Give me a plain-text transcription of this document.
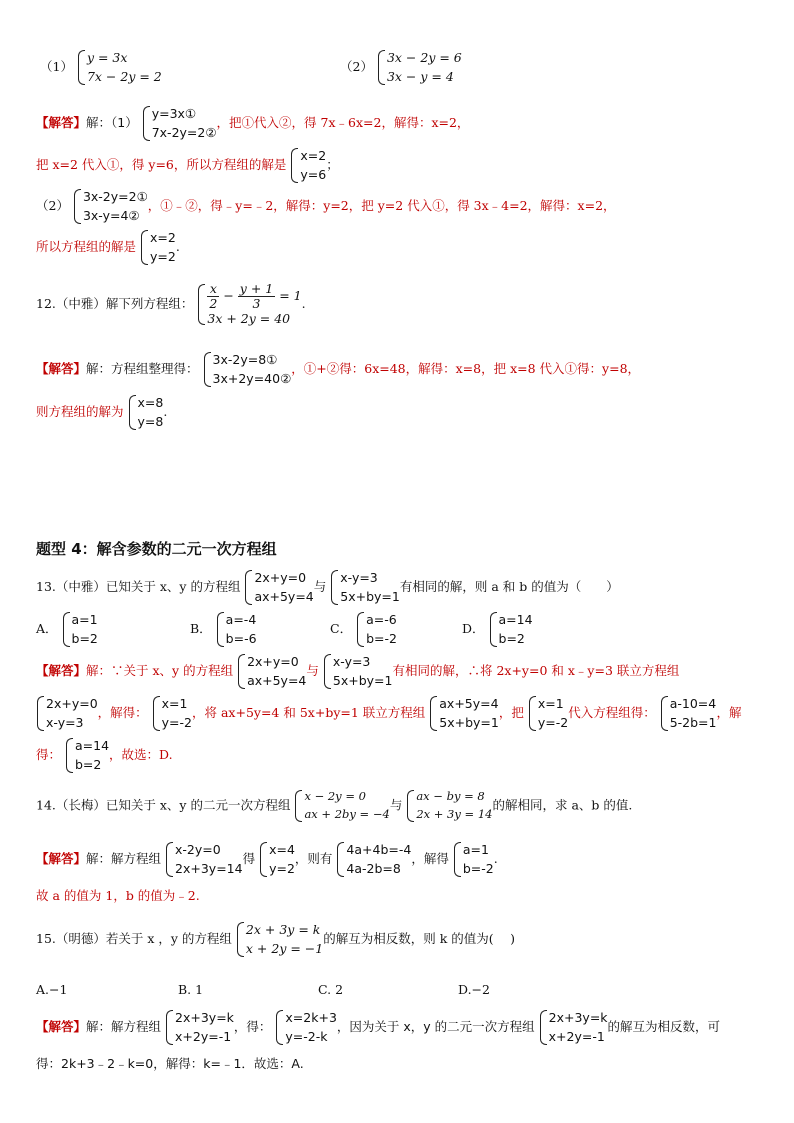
（1）
y = 3x
7x − 2y = 2
（2）
3x − 2y = 6
3x − y = 4
【解答】解：（1）
y=3x①
7x-2y=2②
，把①代入②，得 7x﹣6x=2，解得：x=2，
把 x=2 代入①，得 y=6，所以方程组的解是
x=2
y=6
；
（2）
3x-2y=2①
3x-y=4②
，①﹣②，得﹣y=﹣2，解得：y=2，把 y=2 代入①，得 3x﹣4=2，解得：x=2，
所以方程组的解是
x=2
y=2
.
12.（中雅）解下列方程组： $\frac{x}{2} - \frac{y + 1}{3} = 1$
3x + 2y = 40
.
【解答】解：方程组整理得：
3x-2y=8①
3x+2y=40②
，①+②得：6x=48，解得：x=8，把 x=8 代入①得：y=8，
则方程组的解为
x=8
y=8
.
题型 4：解含参数的二元一次方程组
13.（中雅）已知关于 x、y 的方程组
2x+y=0
ax+5y=4
与
x-y=3
5x+by=1
有相同的解，则 a 和 b 的值为（　　）
A．
a=1
b=2
B．
a=-4
b=-6
C．
a=-6
b=-2
D．
a=14
b=2
【解答】解：∵关于 x、y 的方程组
2x+y=0
ax+5y=4
与
x-y=3
5x+by=1
有相同的解，∴将 2x+y=0 和 x﹣y=3 联立方程组
2x+y=0
x-y=3
，解得：
x=1
y=-2
，将 ax+5y=4 和 5x+by=1 联立方程组
ax+5y=4
5x+by=1
，把
x=1
y=-2
代入方程组得：
a-10=4
5-2b=1
，解
得：
a=14
b=2
，故选：D.
14.（长梅）已知关于 x、y 的二元一次方程组
x − 2y = 0
ax + 2by = −4
与
ax − by = 8
2x + 3y = 14
的解相同，求 a、b 的值.
【解答】解：解方程组
x-2y=0
2x+3y=14
得
x=4
y=2
，则有
4a+4b=-4
4a-2b=8
，解得
a=1
b=-2
.
故 a 的值为 1，b 的值为﹣2.
15.（明德）若关于 x ，y 的方程组
2x + 3y = k
x + 2y = −1
的解互为相反数，则 k 的值为(　 )
A.−1	B. 1	C. 2	D.−2
【解答】解：解方程组
2x+3y=k
x+2y=-1
，得：
x=2k+3
y=-2-k
，因为关于 x，y 的二元一次方程组
2x+3y=k
x+2y=-1
的解互为相反数，可
得：2k+3﹣2﹣k=0，解得：k=﹣1．故选：A.
